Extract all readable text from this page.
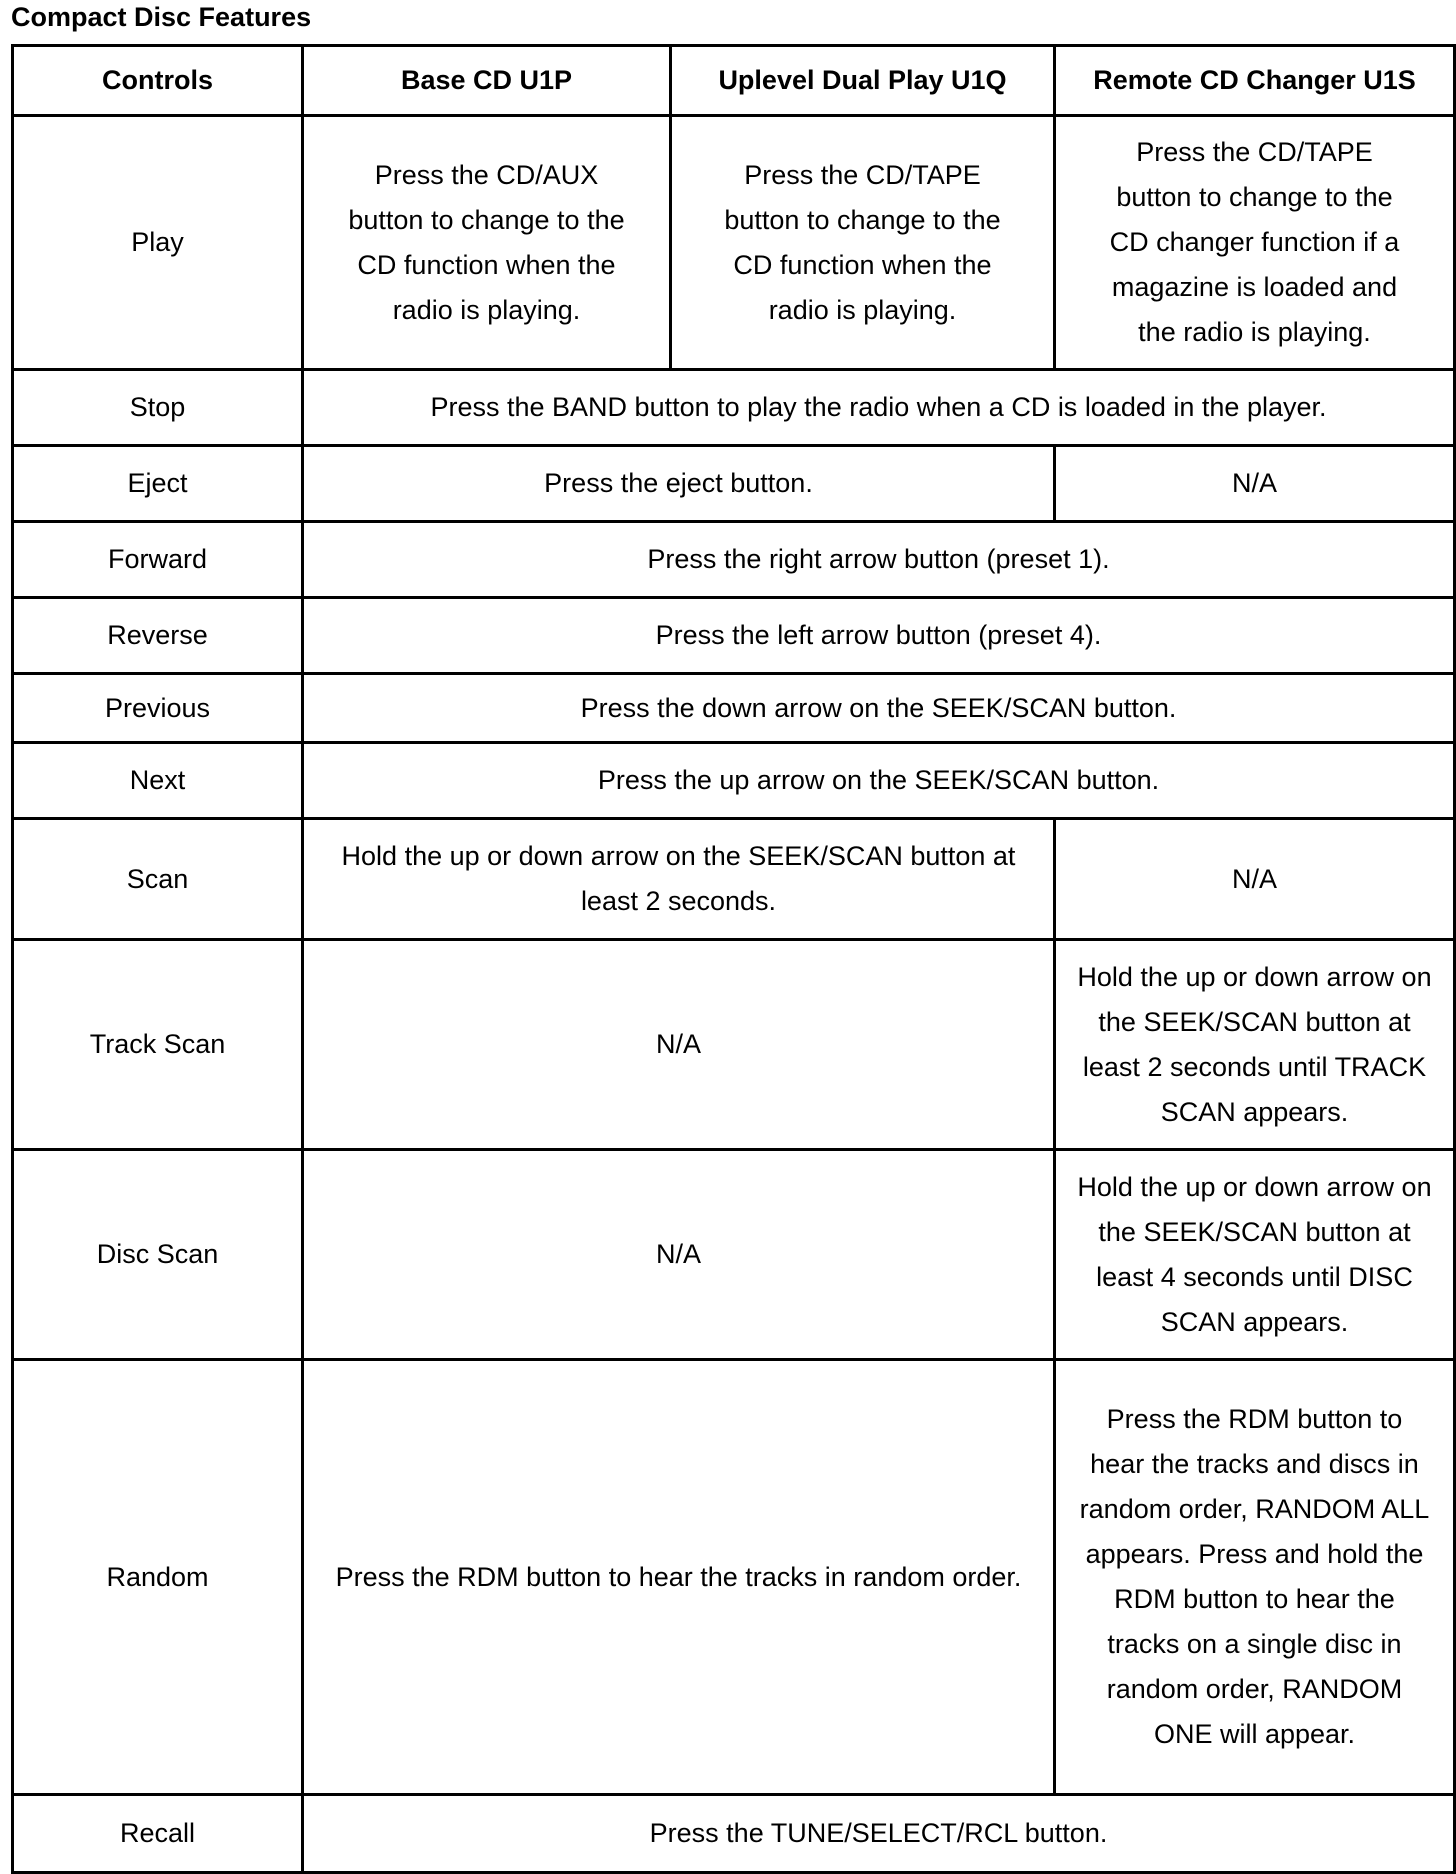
Compact Disc Features
Controls	Base CD U1P	Uplevel Dual Play U1Q	Remote CD Changer U1S
Play	Press the CD/AUX button to change to the CD function when the radio is playing.	Press the CD/TAPE button to change to the CD function when the radio is playing.	Press the CD/TAPE button to change to the CD changer function if a magazine is loaded and the radio is playing.

Stop	Press the BAND button to play the radio when a CD is loaded in the player.		
Eject	Press the eject button.		N/A
Forward	Press the right arrow button (preset 1).		
Reverse	Press the left arrow button (preset 4).		
Previous	Press the down arrow on the SEEK/SCAN button.		
Next	Press the up arrow on the SEEK/SCAN button.		
Scan	Hold the up or down arrow on the SEEK/SCAN button at least 2 seconds.		N/A
Track Scan	N/A		Hold the up or down arrow on the SEEK/SCAN button at least 2 seconds until TRACK SCAN appears.

Disc Scan	N/A		Hold the up or down arrow on the SEEK/SCAN button at least 4 seconds until DISC SCAN appears.

Random	Press the RDM button to hear the tracks in random order.		Press the RDM button to hear the tracks and discs in random order, RANDOM ALL appears. Press and hold the RDM button to hear the tracks on a single disc in random order, RANDOM ONE will appear.

Recall	Press the TUNE/SELECT/RCL button.		
